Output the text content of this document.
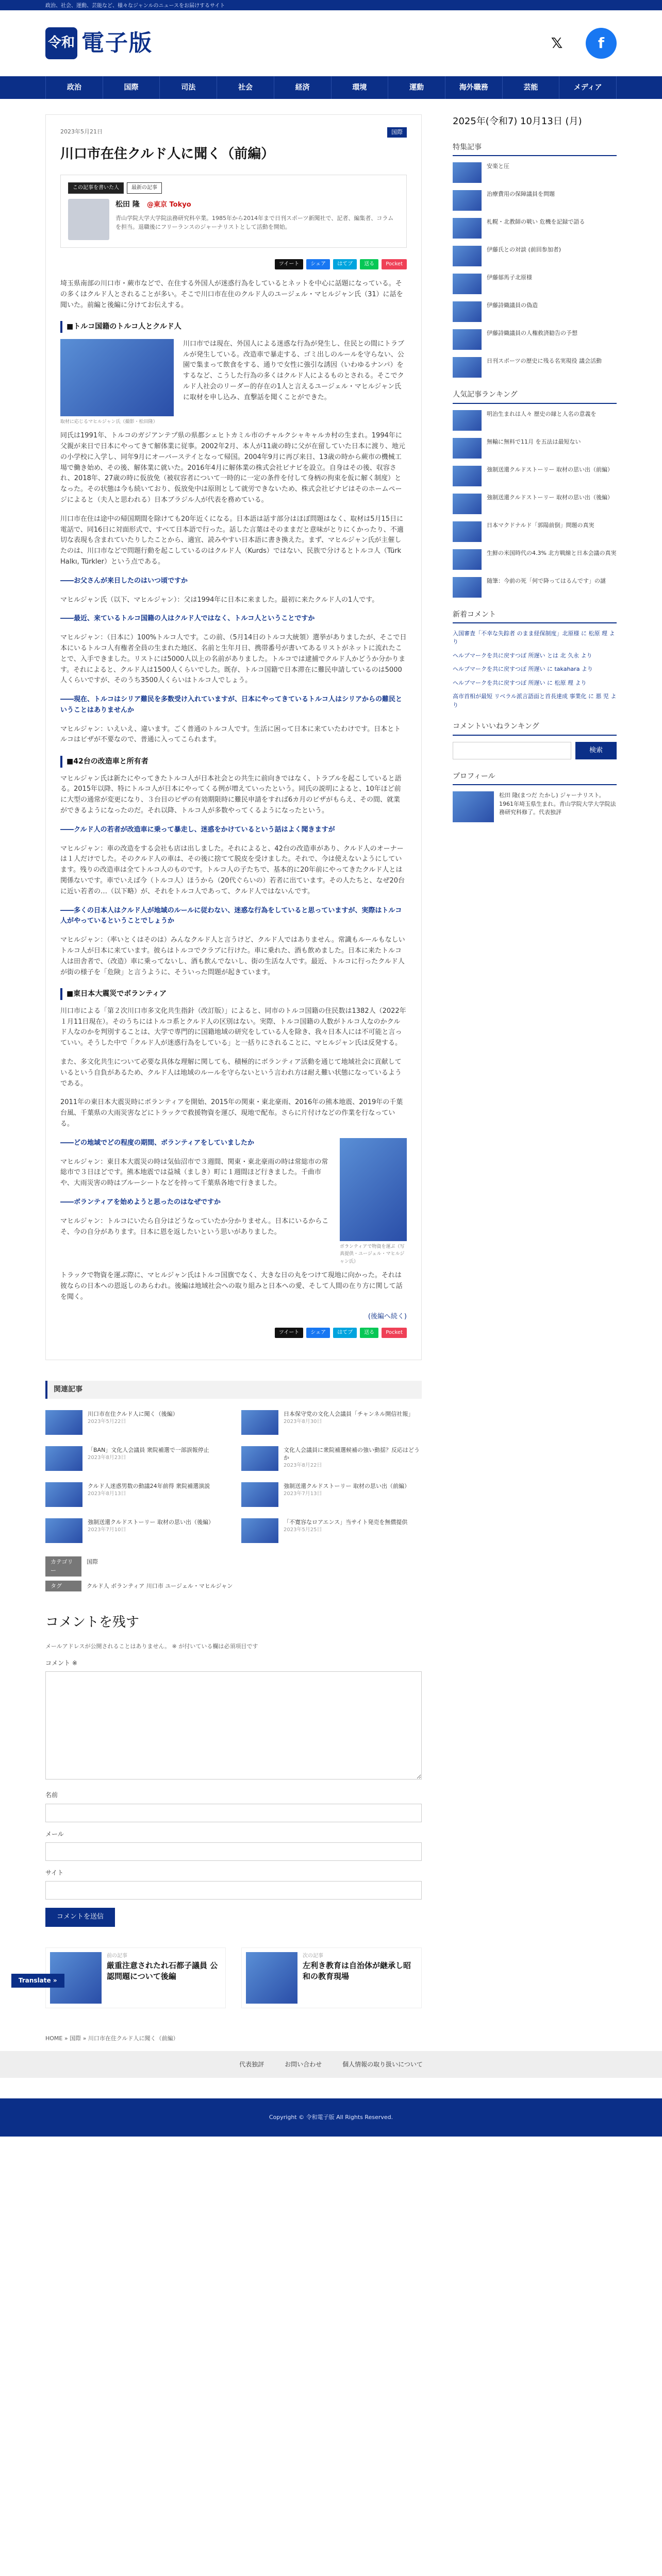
政治、社会、運動、芸能など、様々なジャンルのニュースをお届けするサイト
令和 電子版	𝕏	f
政治	国際	司法	社会	経済	環境	運動	海外職務	芸能	メディア
2023年5月21日	国際
川口市在住クルド人に聞く（前編）
この記事を書いた人	最新の記事
松田 隆 @東京 Tokyo
青山学院大学大学院法務研究科卒業。1985年から2014年まで日刊スポーツ新聞社で、記者、編集者、コラムを担当。退職後にフリーランスのジャーナリストとして活動を開始。
ツイート	シェア	はてブ	送る	Pocket
埼玉県南部の川口市・蕨市などで、在住する外国人が迷惑行為をしているとネットを中心に話題になっている。その多くはクルド人とされることが多い。そこで川口市在住のクルド人のユージェル・マヒルジャン氏（31）に話を聞いた。前編と後編に分けてお伝えする。
■トルコ国籍のトルコ人とクルド人
取材に応じるマヒルジャン氏（撮影・松田隆）
川口市では現在、外国人による迷惑な行為が発生し、住民との間にトラブルが発生している。改造車で暴走する、ゴミ出しのルールを守らない、公園で集まって飲食をする、通りで女性に強引な誘因（いわゆるナンパ）をするなど、こうした行為の多くはクルド人によるものとされる。そこでクルド人社会のリーダー的存在の1人と言えるユージェル・マヒルジャン氏に取材を申し込み、直撃話を聞くことができた。
同氏は1991年、トルコのガジアンテプ県の県都シェヒトカミル市のチャルクシャキャルカ村の生まれ。1994年に父親が来日で日本にやってきて解体業に従事。2002年2月、本人が11歳の時に父が在留していた日本に渡り、地元の小学校に入学し、同年9月にオーバーステイとなって帰国。2004年9月に再び来日、13歳の時から蕨市の機械工場で働き始め、その後、解体業に就いた。2016年4月に解体業の株式会社ビナビを設立。自身はその後、収容され、2018年、27歳の時に仮放免（被収容者について一時的に一定の条件を付して身柄の拘束を仮に解く制度）となった。その状態は今も続いており、仮放免中は原則として就労できないため、株式会社ビナビはそのホームページによると（夫人と思われる）日本ブラジル人が代表を務めている。
川口市在住は途中の帰国期間を除けても20年近くになる。日本語は話す部分はほぼ問題はなく、取材は5月15日に電話で、同16日に対面形式で、すべて日本語で行った。話した言葉はそのままだと意味がとりにくかったり、不適切な表現も含まれていたりしたことから、適宜、読みやすい日本語に書き換えた。まず、マヒルジャン氏が主催したのは、川口市などで問題行動を起こしているのはクルド人（Kurds）ではない、民族で分けるとトルコ人（Türk Halkı, Türkler）という点である。
――お父さんが来日したのはいつ頃ですか
マヒルジャン氏（以下、マヒルジャン）：父は1994年に日本に来ました。最初に来たクルド人の1人です。
――最近、来ているトルコ国籍の人はクルド人ではなく、トルコ人ということですか
マヒルジャン：（日本に）100%トルコ人です。この前、（5月14日のトルコ大統領）選挙がありましたが、そこで日本にいるトルコ人有権者全員の生まれた地区、名前と生年月日、携帯番号が書いてあるリストがネットに流れたことで、入手できました。リストには5000人以上の名前がありました。トルコでは逮捕でクルド人かどうか分かります。それによると、クルド人は1500人くらいでした。既存、トルコ国籍で日本滞在に難民申請しているのは5000人くらいですが、そのうち3500人くらいはトルコ人でしょう。
――現在、トルコはシリア難民を多数受け入れていますが、日本にやってきているトルコ人はシリアからの難民ということはありませんか
マヒルジャン：いえいえ、違います。ごく普通のトルコ人です。生活に困って日本に来ていたわけです。日本とトルコはビザが不要なので、普通に入ってこられます。
■42台の改造車と所有者
マヒルジャン氏は新たにやってきたトルコ人が日本社会との共生に前向きではなく、トラブルを起こしていると語る。2015年以降、特にトルコ人が日本にやってくる例が増えていったという。同氏の説明によると、10年ほど前に大型の通常が変更になり、３台目のビザの有効期限時に難民申請をすれば6カ月のビザがもらえ、その間、就業ができるようになったのだ。それ以降、トルコ人が多数やってくるようになったという。
――クルド人の若者が改造車に乗って暴走し、迷惑をかけているという話はよく聞きますが
マヒルジャン：車の改造をする会社も店は出しました。それによると、42台の改造車があり、クルド人のオーナーは１人だけでした。そのクルド人の車は、その後に捨てて脱皮を受けました。それで、今は使えないようにしています。残りの改造車は全てトルコ人のものです。トルコ人の子たちで、基本的に20年前にやってきたクルド人とは関係ないです。車でいえば今（トルコ人）ほうから（20代ぐらいの）若者に出ています。その人たちと、なぜ20台に近い若者の…（以下略）が、それをトルコ人であって、クルド人ではないんです。
――多くの日本人はクルド人が地域のルールに従わない、迷惑な行為をしていると思っていますが、実際はトルコ人がやっているということでしょうか
マヒルジャン：（率いとくはそのは）みんなクルド人と言うけど、クルド人ではありません。常識もルールもなしいトルコ人が日本に来ています。彼らはトルコでクラブに行けた。車に乗れた、酒も飲めました。日本に来たトルコ人は田舎者で、（改造）車に乗ってないし、酒も飲んでないし、街の生活な人です。最近、トルコに行ったクルド人が街の様子を「危険」と言うように、そういった問題が起きています。
■東日本大震災でボランティア
川口市による「第２次川口市多文化共生指針（改訂版）」によると、同市のトルコ国籍の住民数は1382人（2022年１月11日現在）。そのうちにはトルコ系とクルド人の区別はない。実際、トルコ国籍の人数がトルコ人なのかクルド人なのかを判別することは、大学で専門的に国籍地域の研究をしている人を除き、我々日本人には不可能と言っていい。そうした中で「クルド人が迷惑行為をしている」と一括りにされることに、マヒルジャン氏は反発する。
また、多文化共生について必要な具体な理解に関しても、積極的にボランティア活動を通じて地域社会に貢献しているという自負があるため、クルド人は地域のルールを守らないという言われ方は耐え難い状態になっているようである。
2011年の東日本大震災時にボランティアを開始、2015年の関東・東北豪雨、2016年の熊本地震、2019年の千葉台風、千葉県の大雨災害などにトラックで救援物資を運び、現地で配布。さらに片付けなどの作業を行なっている。
ボランティアで物資を運ぶ（写真提供・ユージェル・マヒルジャン氏）
――どの地域でどの程度の期間、ボランティアをしていましたか
マヒルジャン：東日本大震災の時は気仙沼市で３週間、関東・東北豪雨の時は常総市の常総市で３日ほどです。熊本地震では益城（ましき）町に１週間ほど行きました。千曲市や、大雨災害の時はブルーシートなどを持って千葉県各地で行きました。
――ボランティアを始めようと思ったのはなぜですか
マヒルジャン：トルコにいたら自分はどうなっていたか分かりません。日本にいるからこそ、今の自分があります。日本に恩を返したいという思いがありました。
トラックで物資を運ぶ際に、マヒルジャン氏はトルコ国旗でなく、大きな日の丸をつけて現地に向かった。それは彼ならの日本への恩返しのあらわれ。後編は地域社会への取り組みと日本への愛、そして人間の在り方に関して話を聞く。
(後編へ続く)
ツイート	シェア	はてブ	送る	Pocket
関連記事
川口市在住クルド人に聞く（後編）
2023年5月22日
日本保守党の文化人会議員「チャンネル開信社報」
2023年8月30日
「BAN」文化人会議員 衆院補選で一部誤報停止
2023年8月23日
文化人会議員に衆院補選候補の強い動揺？反応はどうか
2023年8月22日
クルド人迷惑男数の動議24年前得 衆院補選演説
2023年8月13日
強制送還クルドストーリー 取材の思い出（前編）
2023年7月13日
強制送還クルドストーリー 取材の思い出（後編）
2023年7月10日
「不寛容なロアエンス」当サイト発売を無償提供
2023年5月25日
カテゴリー
国際
タグ	クルド人 ボランティア 川口市 ユージェル・マヒルジャン
コメントを残す
メールアドレスが公開されることはありません。 ※ が付いている欄は必須項目です
コメント ※
名前
メール
サイト
コメントを送信
前の記事
厳重注意されたれ石都子議員 公認問題について後編
次の記事
左利き教育は自治体が継承し昭和の教育現場
2025年(令和7) 10月13日 (月)
特集記事
安楽と圧
治療費用の保障議員を問題
札幌・北教師の戦い 危機を記録で語る
伊藤氏との対談 (前回参加者)
伊藤郁馬子北原様
伊藤詩織議員の偽造
伊藤詩織議員の人権救済勧告の予想
日刊スポーツの歴史に残る名実現役 議会活動
人気記事ランキング
明治生まれは人々 歴史の縁と人名の意義を
無輸に無料で11月 を五法は最短ない
強制送還クルドストーリー 取材の思い出（前編）
強制送還クルドストーリー 取材の思い出（後編）
日本マクドナルド「郭陽前倒」問題の真実
生鮮の米国時代の4.3% 北方戦線と日本会議の真実
随筆：今前の死「何で降ってはるんです」の謎
新着コメント
入国審査「不幸な失踪者 のまま経保制度」北原様 に 松原 理 より
ヘルプマークを共に戻すつぽ 所遅い とは 北 久永 より
ヘルプマークを共に戻すつぽ 所遅い に takahara より
ヘルプマークを共に戻すつぽ 所遅い に 松原 理 より
高市首相が最短 リベラル派言語面と首長達成 事業化 に 悪 児 より
コメントいいねランキング
検索
プロフィール
松田 隆(まつだ たかし) ジャーナリスト。1961年埼玉県生まれ。青山学院大学大学院法務研究科修了。代表独評
Translate »
HOME » 国際 » 川口市在住クルド人に聞く（前編）
代表独評	お問い合わせ	個人情報の取り扱いについて
Copyright © 令和電子版 All Rights Reserved.
